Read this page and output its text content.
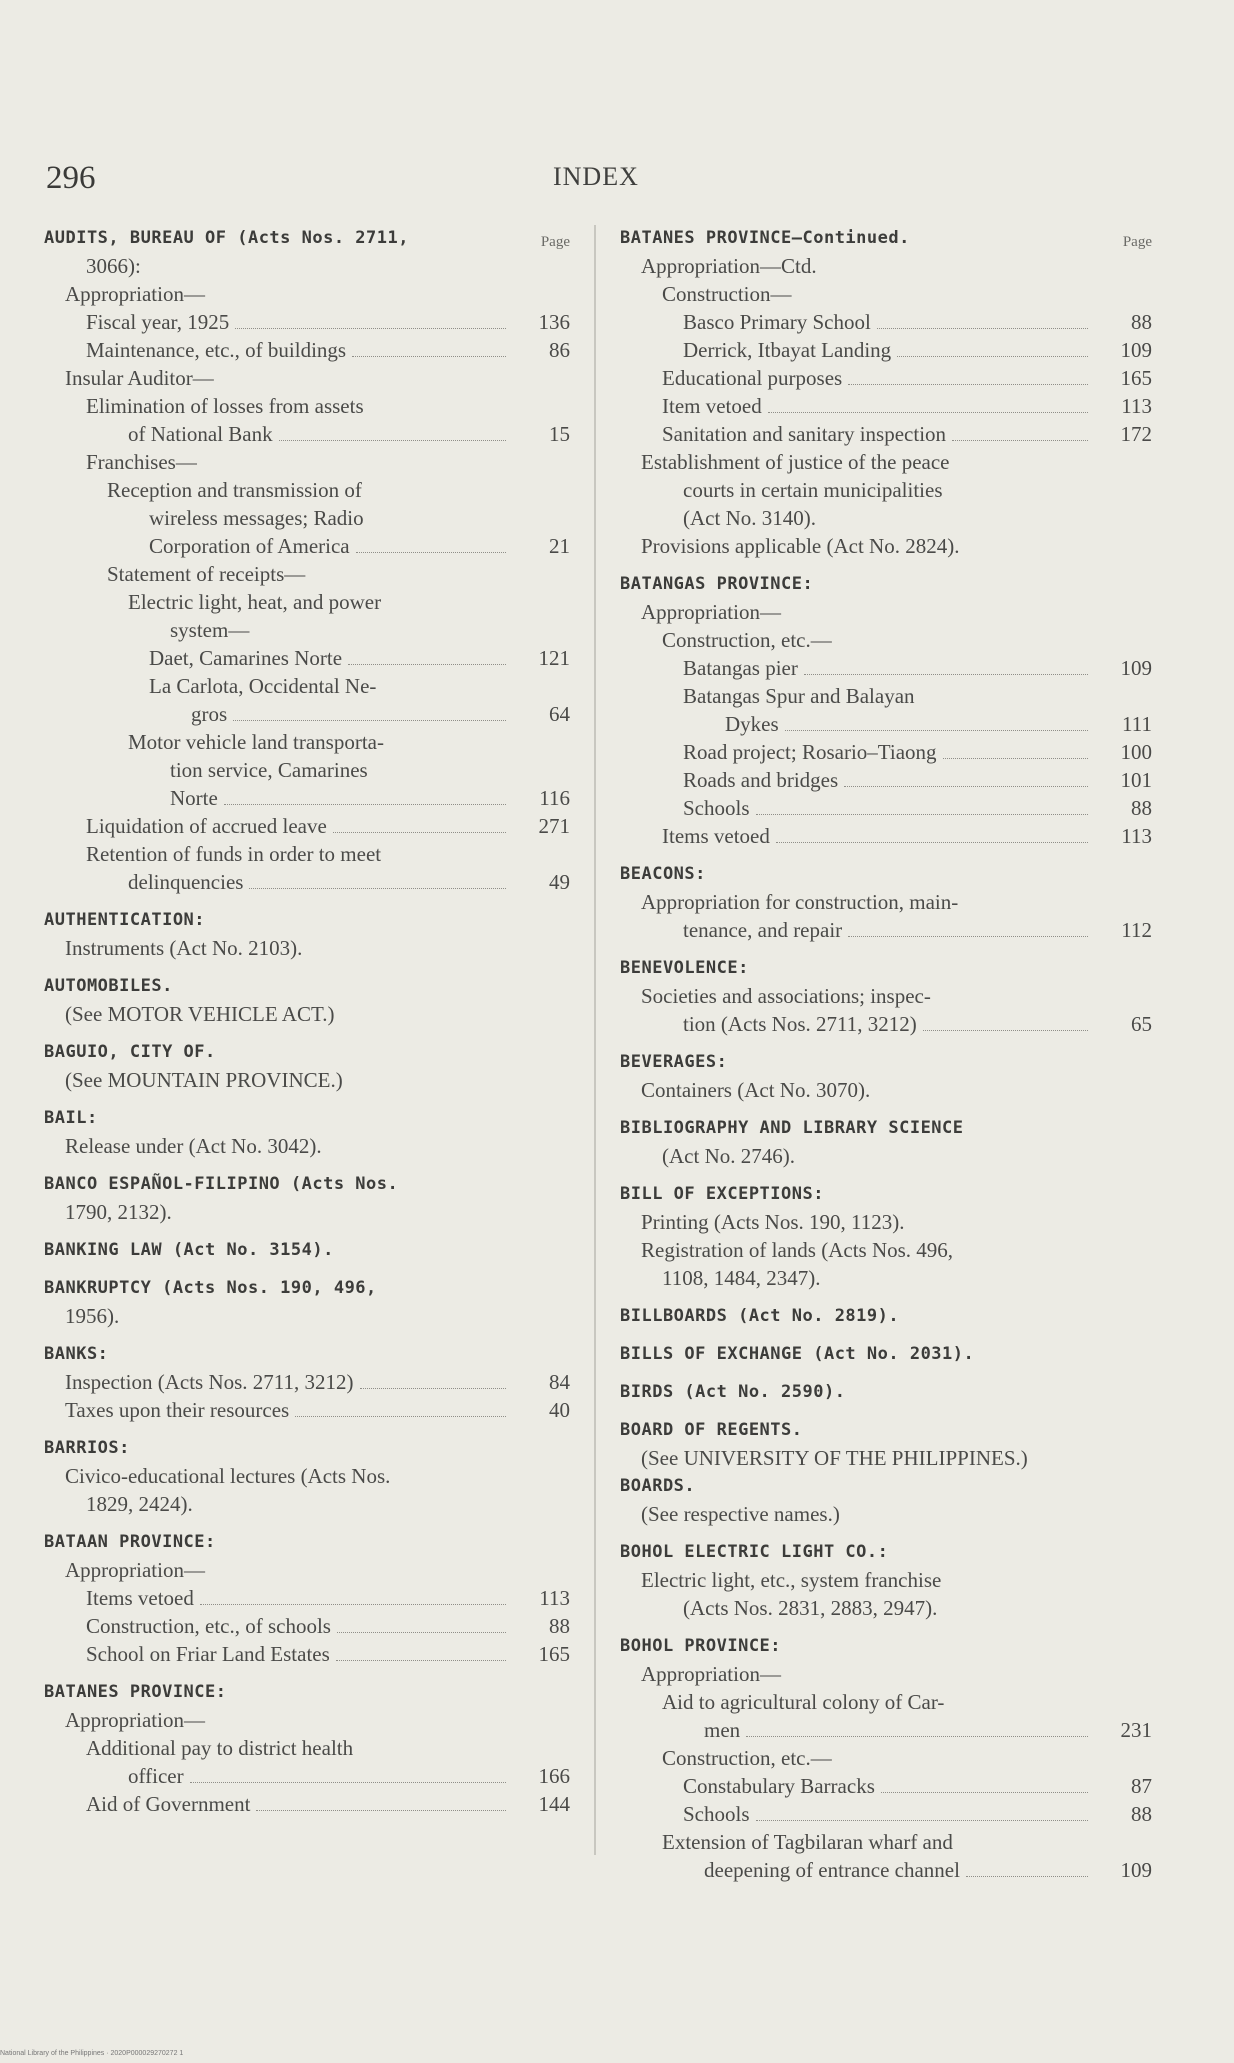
296	INDEX
Page
AUDITS, BUREAU OF (Acts Nos. 2711,
3066):
Appropriation—
Fiscal year, 1925	136
Maintenance, etc., of buildings	86
Insular Auditor—
Elimination of losses from assets
of National Bank	15
Franchises—
Reception and transmission of
wireless messages; Radio
Corporation of America	21
Statement of receipts—
Electric light, heat, and power
system—
Daet, Camarines Norte	121
La Carlota, Occidental Ne-
gros	64
Motor vehicle land transporta-
tion service, Camarines
Norte	116
Liquidation of accrued leave	271
Retention of funds in order to meet
delinquencies	49
AUTHENTICATION:
Instruments (Act No. 2103).
AUTOMOBILES.
(See MOTOR VEHICLE ACT.)
BAGUIO, CITY OF.
(See MOUNTAIN PROVINCE.)
BAIL:
Release under (Act No. 3042).
BANCO ESPAÑOL-FILIPINO (Acts Nos.
1790, 2132).
BANKING LAW (Act No. 3154).
BANKRUPTCY (Acts Nos. 190, 496,
1956).
BANKS:
Inspection (Acts Nos. 2711, 3212)	84
Taxes upon their resources	40
BARRIOS:
Civico-educational lectures (Acts Nos.
1829, 2424).
BATAAN PROVINCE:
Appropriation—
Items vetoed	113
Construction, etc., of schools	88
School on Friar Land Estates	165
BATANES PROVINCE:
Appropriation—
Additional pay to district health
officer	166
Aid of Government	144
Page
BATANES PROVINCE—Continued.
Appropriation—Ctd.
Construction—
Basco Primary School	88
Derrick, Itbayat Landing	109
Educational purposes	165
Item vetoed	113
Sanitation and sanitary inspection	172
Establishment of justice of the peace
courts in certain municipalities
(Act No. 3140).
Provisions applicable (Act No. 2824).
BATANGAS PROVINCE:
Appropriation—
Construction, etc.—
Batangas pier	109
Batangas Spur and Balayan
Dykes	111
Road project; Rosario–Tiaong	100
Roads and bridges	101
Schools	88
Items vetoed	113
BEACONS:
Appropriation for construction, main-
tenance, and repair	112
BENEVOLENCE:
Societies and associations; inspec-
tion (Acts Nos. 2711, 3212)	65
BEVERAGES:
Containers (Act No. 3070).
BIBLIOGRAPHY AND LIBRARY SCIENCE
(Act No. 2746).
BILL OF EXCEPTIONS:
Printing (Acts Nos. 190, 1123).
Registration of lands (Acts Nos. 496,
1108, 1484, 2347).
BILLBOARDS (Act No. 2819).
BILLS OF EXCHANGE (Act No. 2031).
BIRDS (Act No. 2590).
BOARD OF REGENTS.
(See UNIVERSITY OF THE PHILIPPINES.)
BOARDS.
(See respective names.)
BOHOL ELECTRIC LIGHT CO.:
Electric light, etc., system franchise
(Acts Nos. 2831, 2883, 2947).
BOHOL PROVINCE:
Appropriation—
Aid to agricultural colony of Car-
men	231
Construction, etc.—
Constabulary Barracks	87
Schools	88
Extension of Tagbilaran wharf and
deepening of entrance channel	109
National Library of the Philippines · 2020P000029270272 1
